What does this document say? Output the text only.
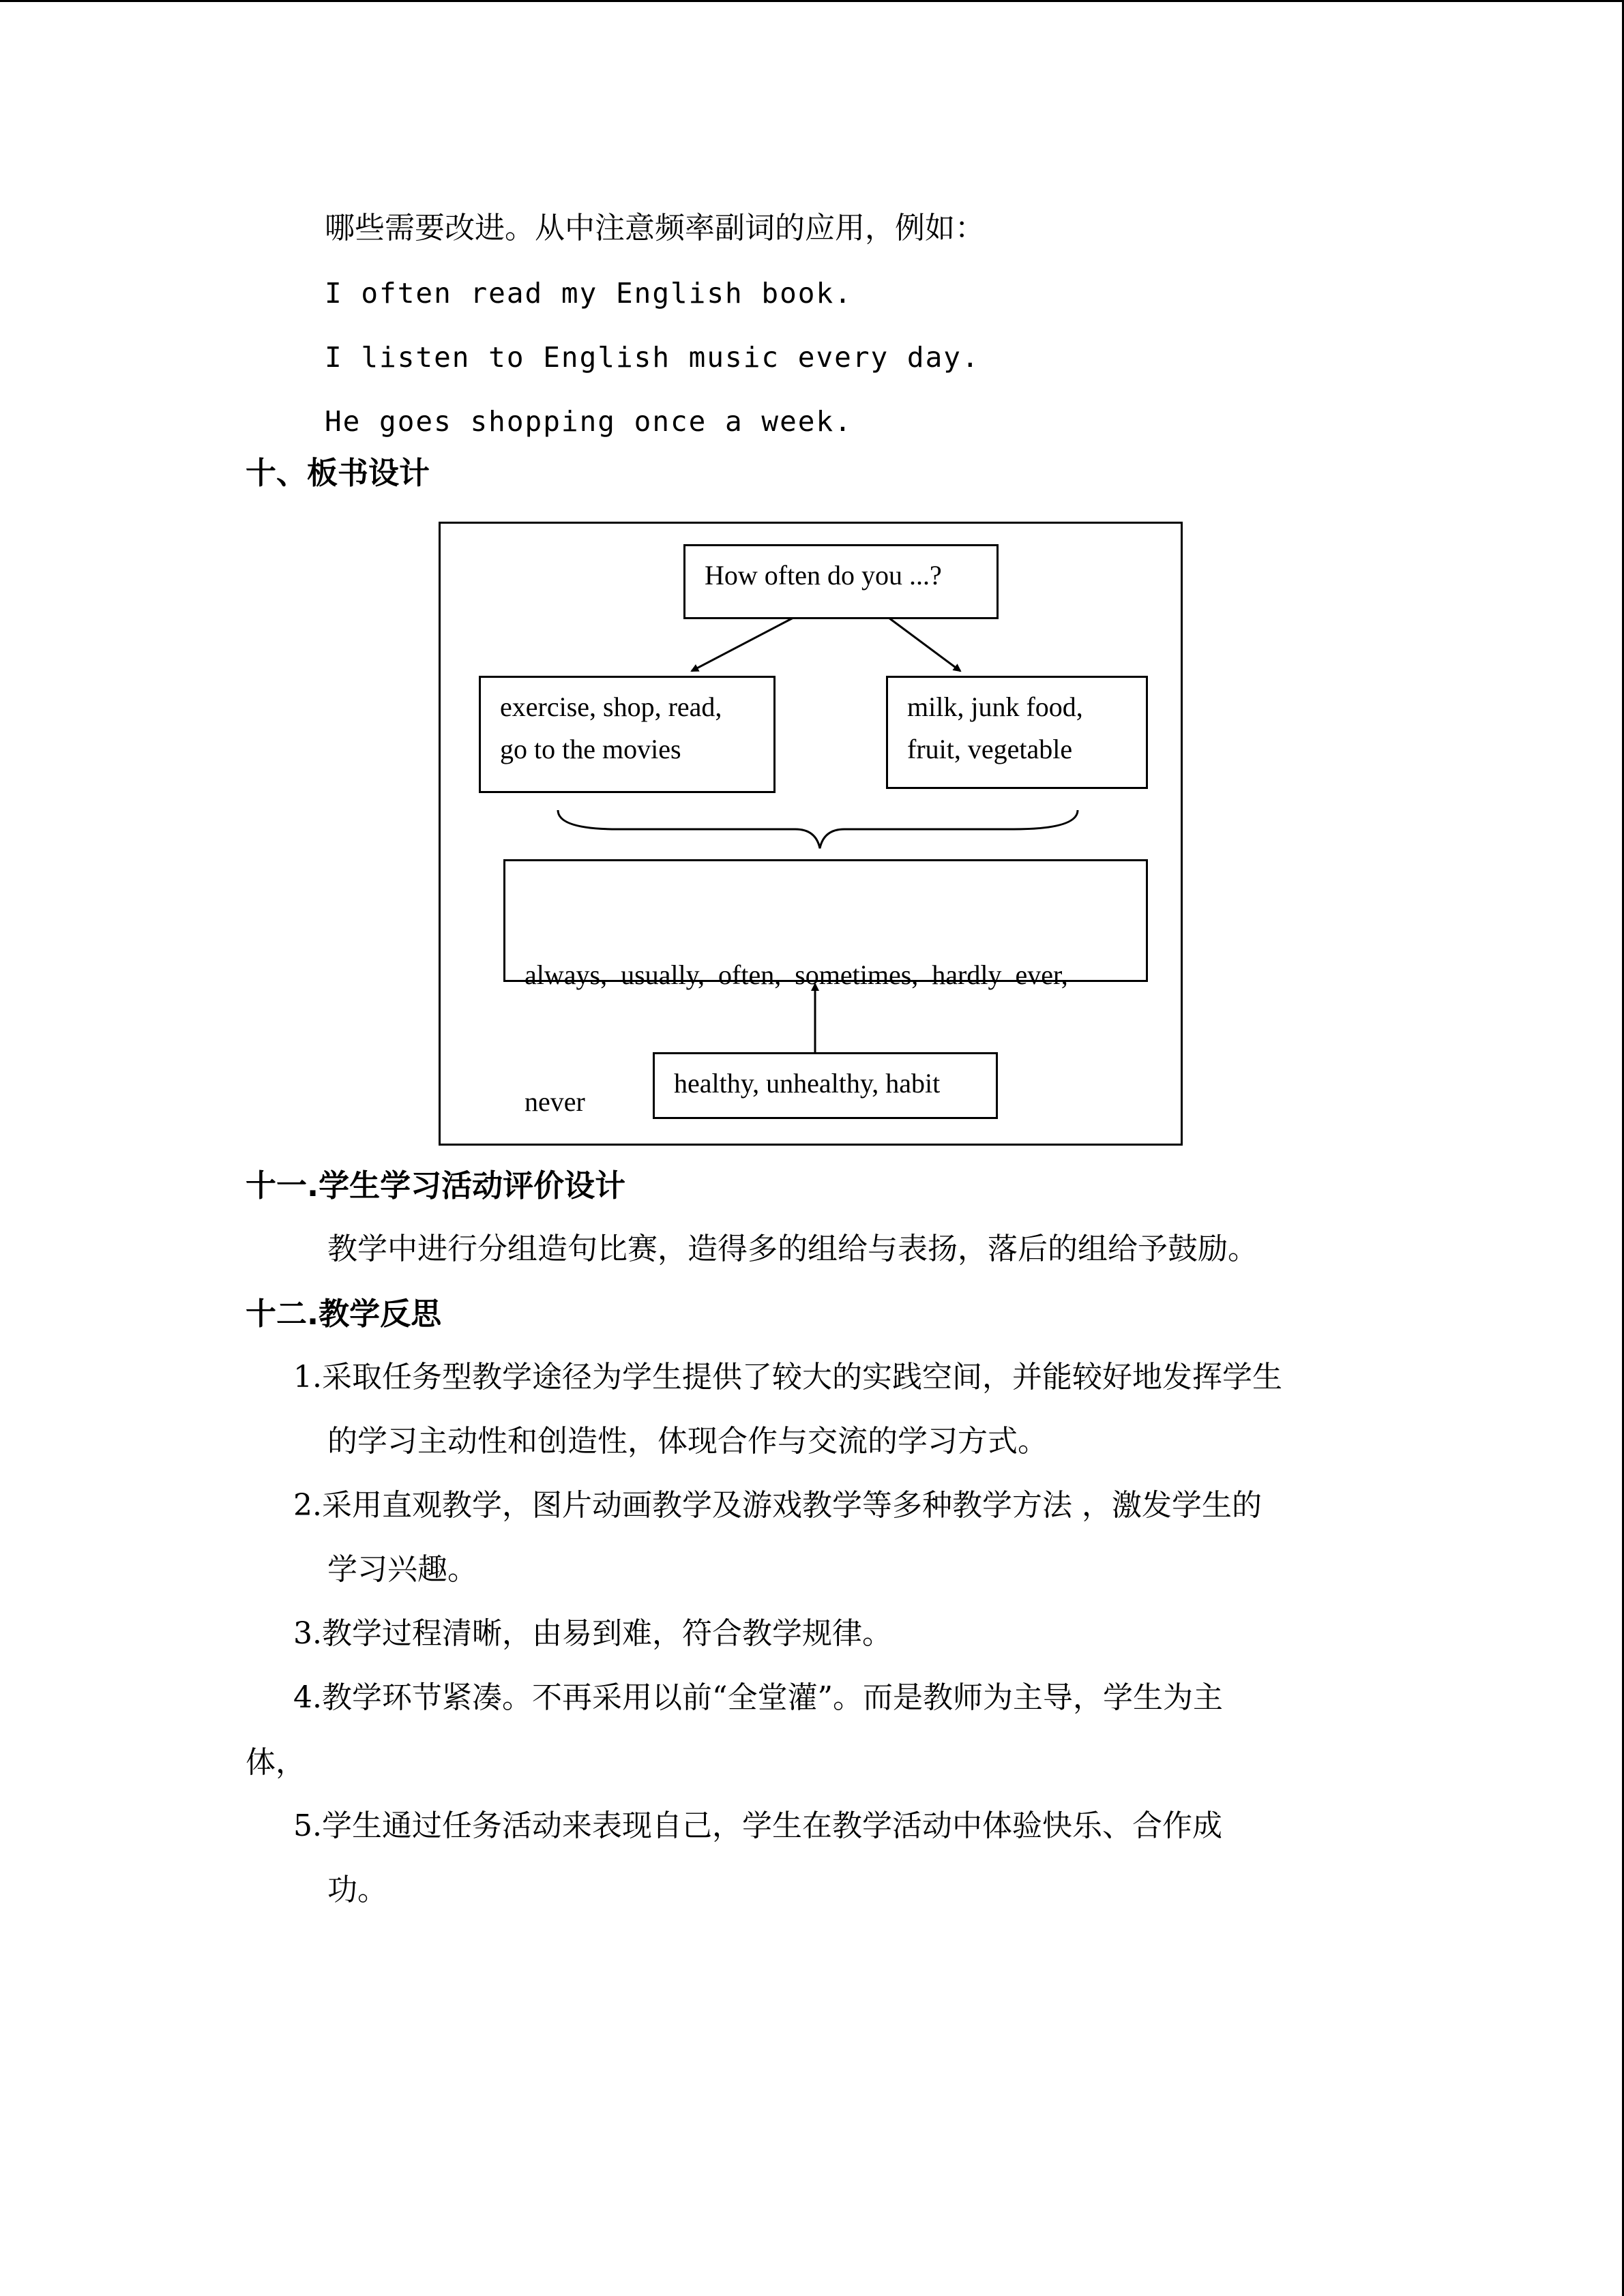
哪些需要改进。从中注意频率副词的应用，例如：
I often read my English book.
I listen to English music every day.
He goes shopping once a week.
十、板书设计
How often do you ...?
exercise, shop, read,
go to the movies
milk, junk food,
fruit, vegetable

always,  usually,  often,  sometimes,  hardly  ever,

never

healthy, unhealthy, habit
十一.学生学习活动评价设计
教学中进行分组造句比赛，造得多的组给与表扬，落后的组给予鼓励。
十二.教学反思
1.采取任务型教学途径为学生提供了较大的实践空间，并能较好地发挥学生
的学习主动性和创造性，体现合作与交流的学习方式。
2.采用直观教学，图片动画教学及游戏教学等多种教学方法 ，激发学生的
学习兴趣。
3.教学过程清晰，由易到难，符合教学规律。
4.教学环节紧凑。不再采用以前“全堂灌”。而是教师为主导，学生为主
体，
5.学生通过任务活动来表现自己，学生在教学活动中体验快乐、合作成
功。
